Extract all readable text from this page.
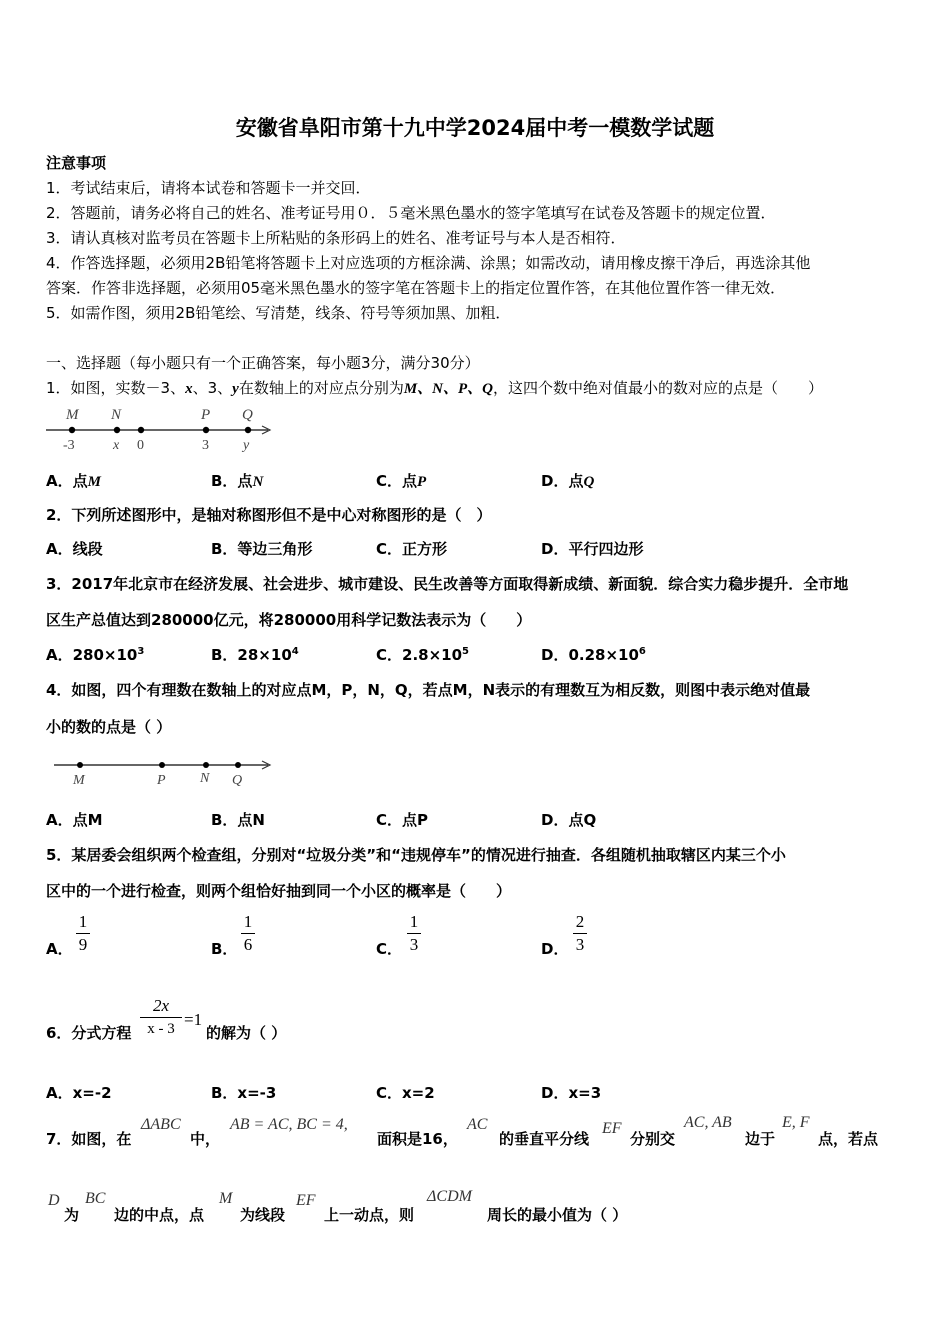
安徽省阜阳市第十九中学2024届中考一模数学试题
注意事项
1．考试结束后，请将本试卷和答题卡一并交回．
2．答题前，请务必将自己的姓名、准考证号用０．５毫米黑色墨水的签字笔填写在试卷及答题卡的规定位置．
3．请认真核对监考员在答题卡上所粘贴的条形码上的姓名、准考证号与本人是否相符．
4．作答选择题，必须用2B铅笔将答题卡上对应选项的方框涂满、涂黑；如需改动，请用橡皮擦干净后，再选涂其他
答案．作答非选择题，必须用05毫米黑色墨水的签字笔在答题卡上的指定位置作答，在其他位置作答一律无效．
5．如需作图，须用2B铅笔绘、写清楚，线条、符号等须加黑、加粗．
一、选择题（每小题只有一个正确答案，每小题3分，满分30分）
1．如图，实数－3、x、3、y在数轴上的对应点分别为M、N、P、Q，这四个数中绝对值最小的数对应的点是（　　）
M N	P Q
-3	x 0	3 y
A．点M	B．点N	C．点P	D．点Q
2．下列所述图形中，是轴对称图形但不是中心对称图形的是（　）
A．线段	B．等边三角形	C．正方形	D．平行四边形
3．2017年北京市在经济发展、社会进步、城市建设、民生改善等方面取得新成绩、新面貌．综合实力稳步提升．全市地
区生产总值达到280000亿元，将280000用科学记数法表示为（　　）
A．$280\times 10^3$	B．$28\times 10^4$	C．$2.8\times 10^5$	D．$0.28\times 10^6$
4．如图，四个有理数在数轴上的对应点M，P，N，Q，若点M，N表示的有理数互为相反数，则图中表示绝对值最
小的数的点是（ ）
M	P N Q
A．点M	B．点N	C．点P	D．点Q
5．某居委会组织两个检查组，分别对“垃圾分类”和“违规停车”的情况进行抽查．各组随机抽取辖区内某三个小
区中的一个进行检查，则两个组恰好抽到同一个小区的概率是（　　）
A．
1
9	B．
1
6	C．
1
3	D．
2
3
6．分式方程
2x
x - 3 =1
的解为（ ）
A．x=-2	B．x=-3	C．x=2	D．x=3
7．如图，在
ΔABC
中，
AB = AC, BC = 4,
面积是16，
AC
的垂直平分线
EF
分别交
AC, AB
边于
E, F
点，若点
D
为
BC
边的中点，点
M
为线段
EF
上一动点，则
ΔCDM
周长的最小值为（ ）
